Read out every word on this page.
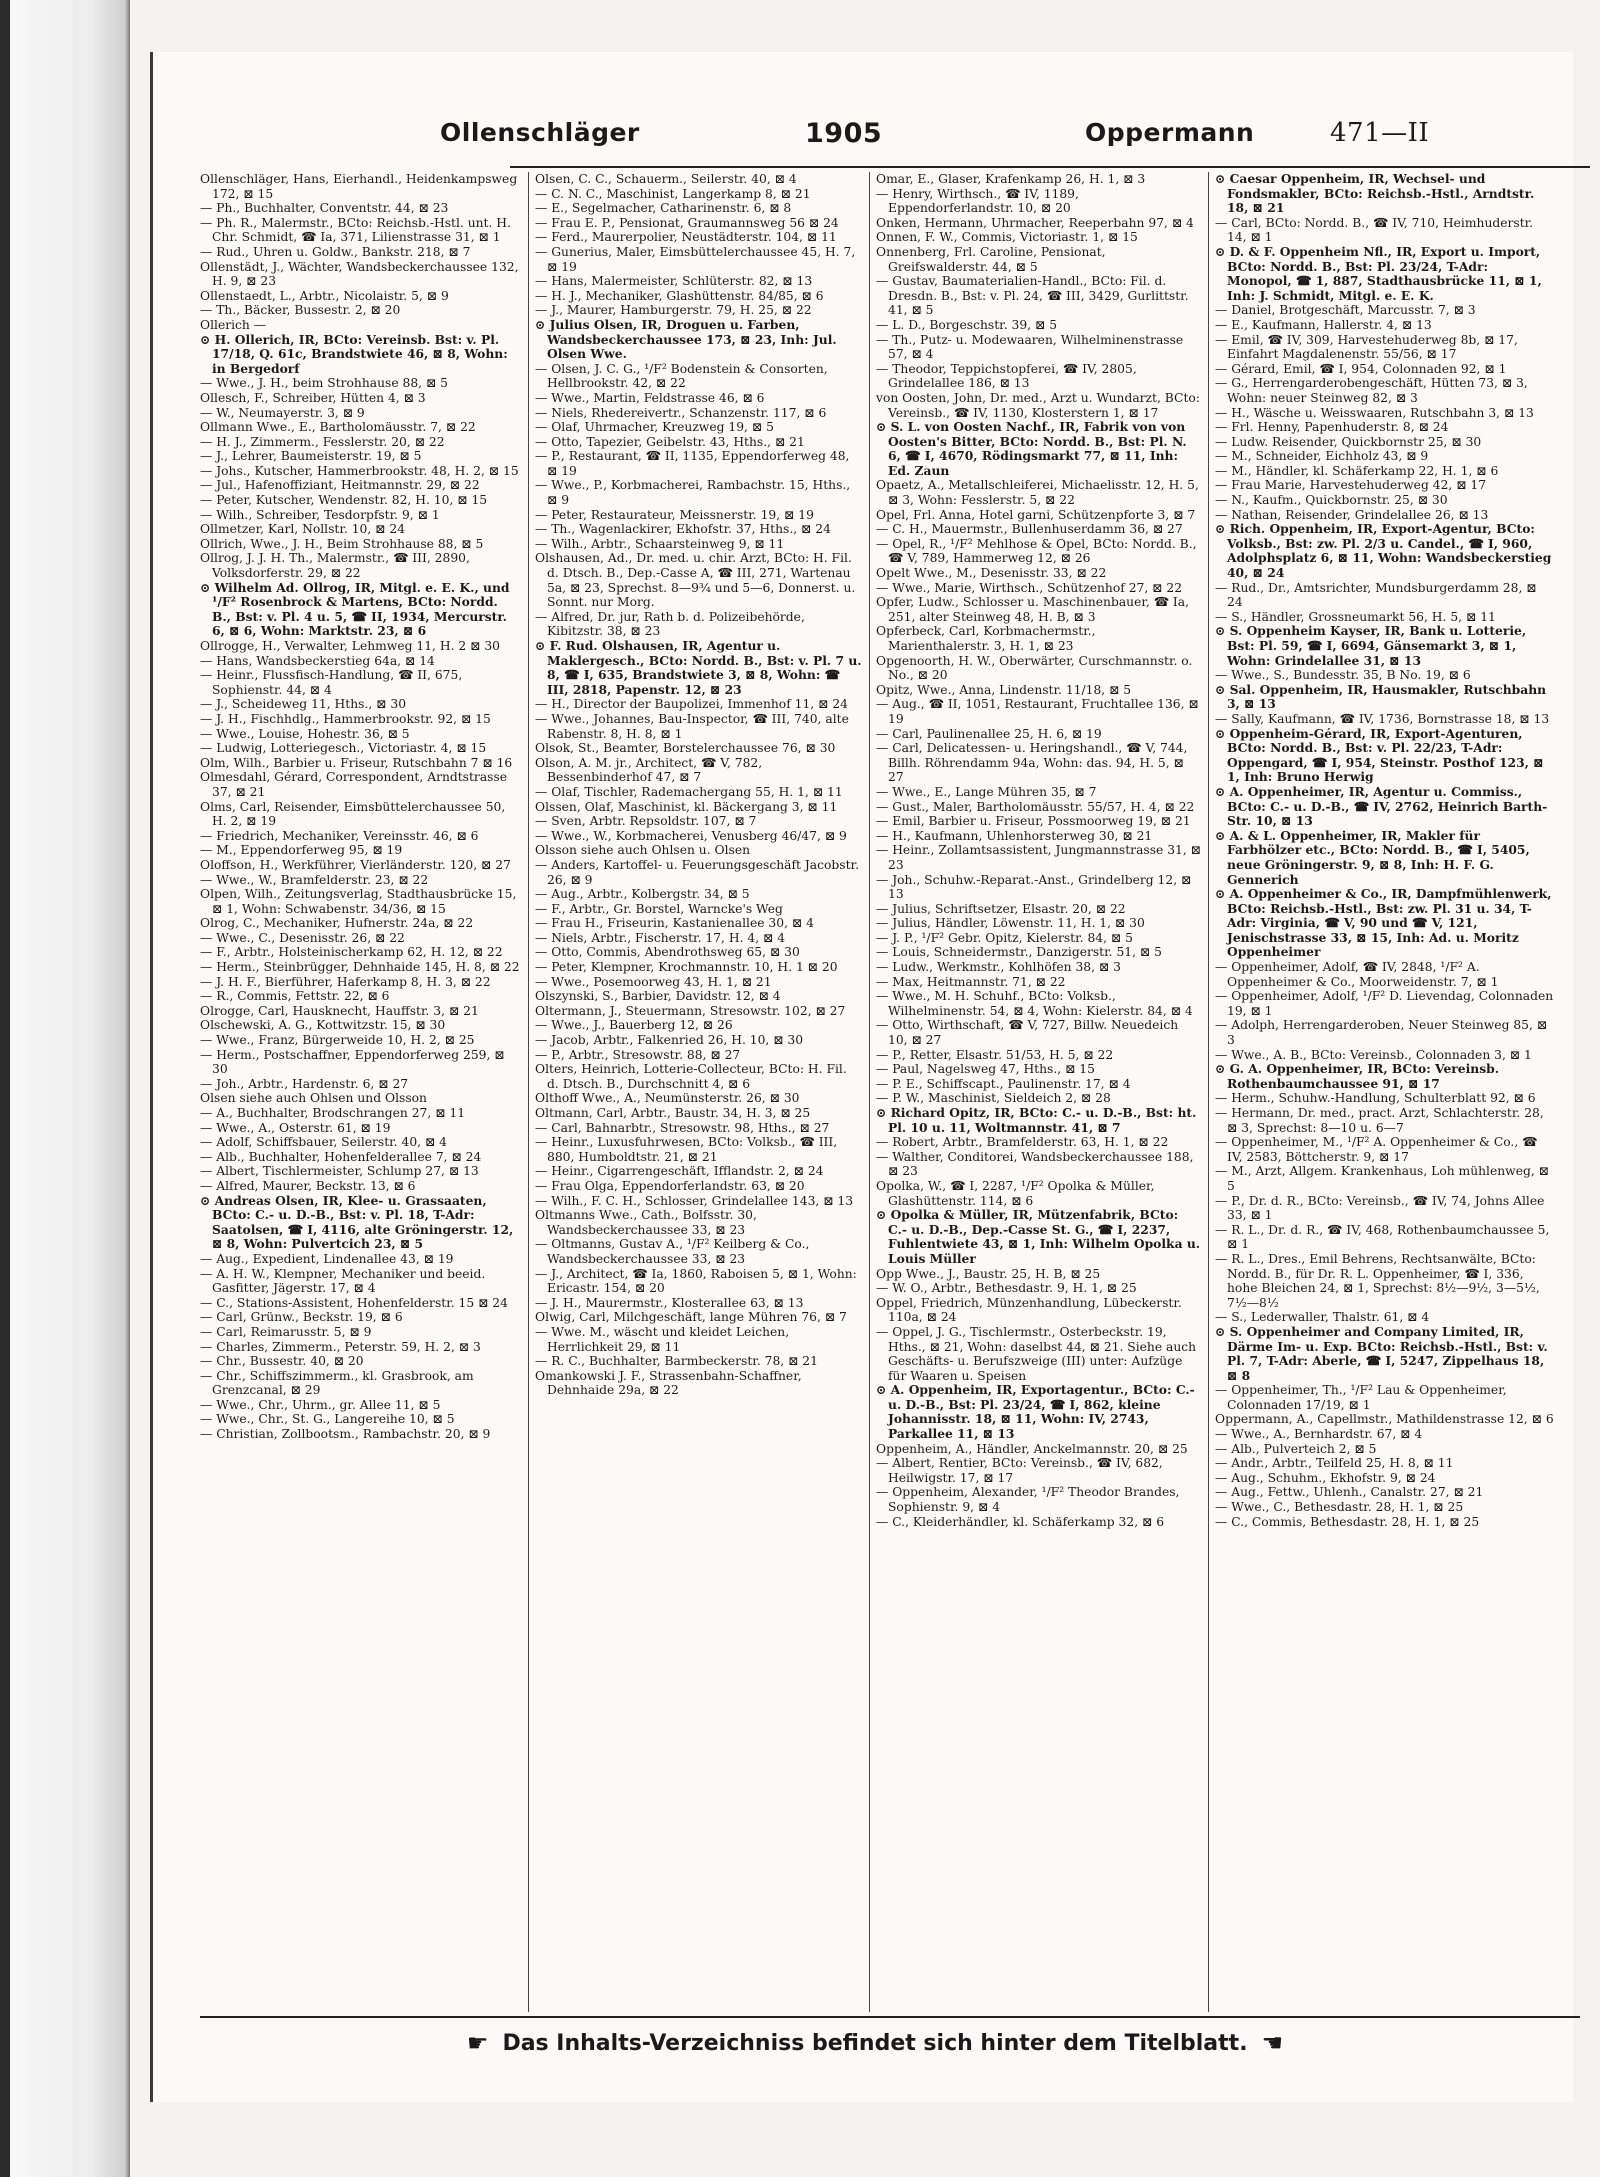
Ollenschläger	1905	Oppermann	471—II

Ollenschläger, Hans, Eierhandl., Heidenkampsweg 172, ⊠ 15

— Ph., Buchhalter, Conventstr. 44, ⊠ 23

— Ph. R., Malermstr., BCto: Reichsb.-Hstl. unt. H. Chr. Schmidt, ☎ Ia, 371, Lilienstrasse 31, ⊠ 1

— Rud., Uhren u. Goldw., Bankstr. 218, ⊠ 7

Ollenstädt, J., Wächter, Wandsbeckerchaussee 132, H. 9, ⊠ 23

Ollenstaedt, L., Arbtr., Nicolaistr. 5, ⊠ 9

— Th., Bäcker, Bussestr. 2, ⊠ 20

Ollerich —

⊙ H. Ollerich, IR, BCto: Vereinsb. Bst: v. Pl. 17/18, Q. 61c, Brandstwiete 46, ⊠ 8, Wohn: in Bergedorf

— Wwe., J. H., beim Strohhause 88, ⊠ 5

Ollesch, F., Schreiber, Hütten 4, ⊠ 3

— W., Neumayerstr. 3, ⊠ 9

Ollmann Wwe., E., Bartholomäusstr. 7, ⊠ 22

— H. J., Zimmerm., Fesslerstr. 20, ⊠ 22

— J., Lehrer, Baumeisterstr. 19, ⊠ 5

— Johs., Kutscher, Hammerbrookstr. 48, H. 2, ⊠ 15

— Jul., Hafenoffiziant, Heitmannstr. 29, ⊠ 22

— Peter, Kutscher, Wendenstr. 82, H. 10, ⊠ 15

— Wilh., Schreiber, Tesdorpfstr. 9, ⊠ 1

Ollmetzer, Karl, Nollstr. 10, ⊠ 24

Ollrich, Wwe., J. H., Beim Strohhause 88, ⊠ 5

Ollrog, J. J. H. Th., Malermstr., ☎ III, 2890, Volksdorferstr. 29, ⊠ 22

⊙ Wilhelm Ad. Ollrog, IR, Mitgl. e. E. K., und ¹/F² Rosenbrock & Martens, BCto: Nordd. B., Bst: v. Pl. 4 u. 5, ☎ II, 1934, Mercurstr. 6, ⊠ 6, Wohn: Marktstr. 23, ⊠ 6

Ollrogge, H., Verwalter, Lehmweg 11, H. 2 ⊠ 30

— Hans, Wandsbeckerstieg 64a, ⊠ 14

— Heinr., Flussfisch-Handlung, ☎ II, 675, Sophienstr. 44, ⊠ 4

— J., Scheideweg 11, Hths., ⊠ 30

— J. H., Fischhdlg., Hammerbrookstr. 92, ⊠ 15

— Wwe., Louise, Hohestr. 36, ⊠ 5

— Ludwig, Lotteriegesch., Victoriastr. 4, ⊠ 15

Olm, Wilh., Barbier u. Friseur, Rutschbahn 7 ⊠ 16

Olmesdahl, Gérard, Correspondent, Arndtstrasse 37, ⊠ 21

Olms, Carl, Reisender, Eimsbüttelerchaussee 50, H. 2, ⊠ 19

— Friedrich, Mechaniker, Vereinsstr. 46, ⊠ 6

— M., Eppendorferweg 95, ⊠ 19

Oloffson, H., Werkführer, Vierländerstr. 120, ⊠ 27

— Wwe., W., Bramfelderstr. 23, ⊠ 22

Olpen, Wilh., Zeitungsverlag, Stadthausbrücke 15, ⊠ 1, Wohn: Schwabenstr. 34/36, ⊠ 15

Olrog, C., Mechaniker, Hufnerstr. 24a, ⊠ 22

— Wwe., C., Desenisstr. 26, ⊠ 22

— F., Arbtr., Holsteinischerkamp 62, H. 12, ⊠ 22

— Herm., Steinbrügger, Dehnhaide 145, H. 8, ⊠ 22

— J. H. F., Bierführer, Haferkamp 8, H. 3, ⊠ 22

— R., Commis, Fettstr. 22, ⊠ 6

Olrogge, Carl, Hausknecht, Hauffstr. 3, ⊠ 21

Olschewski, A. G., Kottwitzstr. 15, ⊠ 30

— Wwe., Franz, Bürgerweide 10, H. 2, ⊠ 25

— Herm., Postschaffner, Eppendorferweg 259, ⊠ 30

— Joh., Arbtr., Hardenstr. 6, ⊠ 27

Olsen siehe auch Ohlsen und Olsson

— A., Buchhalter, Brodschrangen 27, ⊠ 11

— Wwe., A., Osterstr. 61, ⊠ 19

— Adolf, Schiffsbauer, Seilerstr. 40, ⊠ 4

— Alb., Buchhalter, Hohenfelderallee 7, ⊠ 24

— Albert, Tischlermeister, Schlump 27, ⊠ 13

— Alfred, Maurer, Beckstr. 13, ⊠ 6

⊙ Andreas Olsen, IR, Klee- u. Grassaaten, BCto: C.- u. D.-B., Bst: v. Pl. 18, T-Adr: Saatolsen, ☎ I, 4116, alte Gröningerstr. 12, ⊠ 8, Wohn: Pulvertcich 23, ⊠ 5

— Aug., Expedient, Lindenallee 43, ⊠ 19

— A. H. W., Klempner, Mechaniker und beeid. Gasfitter, Jägerstr. 17, ⊠ 4

— C., Stations-Assistent, Hohenfelderstr. 15 ⊠ 24

— Carl, Grünw., Beckstr. 19, ⊠ 6

— Carl, Reimarusstr. 5, ⊠ 9

— Charles, Zimmerm., Peterstr. 59, H. 2, ⊠ 3

— Chr., Bussestr. 40, ⊠ 20

— Chr., Schiffszimmerm., kl. Grasbrook, am Grenzcanal, ⊠ 29

— Wwe., Chr., Uhrm., gr. Allee 11, ⊠ 5

— Wwe., Chr., St. G., Langereihe 10, ⊠ 5

— Christian, Zollbootsm., Rambachstr. 20, ⊠ 9

Olsen, C. C., Schauerm., Seilerstr. 40, ⊠ 4

— C. N. C., Maschinist, Langerkamp 8, ⊠ 21

— E., Segelmacher, Catharinenstr. 6, ⊠ 8

— Frau E. P., Pensionat, Graumannsweg 56 ⊠ 24

— Ferd., Maurerpolier, Neustädterstr. 104, ⊠ 11

— Gunerius, Maler, Eimsbüttelerchaussee 45, H. 7, ⊠ 19

— Hans, Malermeister, Schlüterstr. 82, ⊠ 13

— H. J., Mechaniker, Glashüttenstr. 84/85, ⊠ 6

— J., Maurer, Hamburgerstr. 79, H. 25, ⊠ 22

⊙ Julius Olsen, IR, Droguen u. Farben, Wandsbeckerchaussee 173, ⊠ 23, Inh: Jul. Olsen Wwe.

— Olsen, J. C. G., ¹/F² Bodenstein & Consorten, Hellbrookstr. 42, ⊠ 22

— Wwe., Martin, Feldstrasse 46, ⊠ 6

— Niels, Rhedereivertr., Schanzenstr. 117, ⊠ 6

— Olaf, Uhrmacher, Kreuzweg 19, ⊠ 5

— Otto, Tapezier, Geibelstr. 43, Hths., ⊠ 21

— P., Restaurant, ☎ II, 1135, Eppendorferweg 48, ⊠ 19

— Wwe., P., Korbmacherei, Rambachstr. 15, Hths., ⊠ 9

— Peter, Restaurateur, Meissnerstr. 19, ⊠ 19

— Th., Wagenlackirer, Ekhofstr. 37, Hths., ⊠ 24

— Wilh., Arbtr., Schaarsteinweg 9, ⊠ 11

Olshausen, Ad., Dr. med. u. chir. Arzt, BCto: H. Fil. d. Dtsch. B., Dep.-Casse A, ☎ III, 271, Wartenau 5a, ⊠ 23, Sprechst. 8—9¾ und 5—6, Donnerst. u. Sonnt. nur Morg.

— Alfred, Dr. jur, Rath b. d. Polizeibehörde, Kibitzstr. 38, ⊠ 23

⊙ F. Rud. Olshausen, IR, Agentur u. Maklergesch., BCto: Nordd. B., Bst: v. Pl. 7 u. 8, ☎ I, 635, Brandstwiete 3, ⊠ 8, Wohn: ☎ III, 2818, Papenstr. 12, ⊠ 23

— H., Director der Baupolizei, Immenhof 11, ⊠ 24

— Wwe., Johannes, Bau-Inspector, ☎ III, 740, alte Rabenstr. 8, H. 8, ⊠ 1

Olsok, St., Beamter, Borstelerchaussee 76, ⊠ 30

Olson, A. M. jr., Architect, ☎ V, 782, Bessenbinderhof 47, ⊠ 7

— Olaf, Tischler, Rademachergang 55, H. 1, ⊠ 11

Olssen, Olaf, Maschinist, kl. Bäckergang 3, ⊠ 11

— Sven, Arbtr. Repsoldstr. 107, ⊠ 7

— Wwe., W., Korbmacherei, Venusberg 46/47, ⊠ 9

Olsson siehe auch Ohlsen u. Olsen

— Anders, Kartoffel- u. Feuerungsgeschäft Jacobstr. 26, ⊠ 9

— Aug., Arbtr., Kolbergstr. 34, ⊠ 5

— F., Arbtr., Gr. Borstel, Warncke's Weg

— Frau H., Friseurin, Kastanienallee 30, ⊠ 4

— Niels, Arbtr., Fischerstr. 17, H. 4, ⊠ 4

— Otto, Commis, Abendrothsweg 65, ⊠ 30

— Peter, Klempner, Krochmannstr. 10, H. 1 ⊠ 20

— Wwe., Posemoorweg 43, H. 1, ⊠ 21

Olszynski, S., Barbier, Davidstr. 12, ⊠ 4

Oltermann, J., Steuermann, Stresowstr. 102, ⊠ 27

— Wwe., J., Bauerberg 12, ⊠ 26

— Jacob, Arbtr., Falkenried 26, H. 10, ⊠ 30

— P., Arbtr., Stresowstr. 88, ⊠ 27

Olters, Heinrich, Lotterie-Collecteur, BCto: H. Fil. d. Dtsch. B., Durchschnitt 4, ⊠ 6

Olthoff Wwe., A., Neumünsterstr. 26, ⊠ 30

Oltmann, Carl, Arbtr., Baustr. 34, H. 3, ⊠ 25

— Carl, Bahnarbtr., Stresowstr. 98, Hths., ⊠ 27

— Heinr., Luxusfuhrwesen, BCto: Volksb., ☎ III, 880, Humboldtstr. 21, ⊠ 21

— Heinr., Cigarrengeschäft, Ifflandstr. 2, ⊠ 24

— Frau Olga, Eppendorferlandstr. 63, ⊠ 20

— Wilh., F. C. H., Schlosser, Grindelallee 143, ⊠ 13

Oltmanns Wwe., Cath., Bolfsstr. 30, Wandsbeckerchaussee 33, ⊠ 23

— Oltmanns, Gustav A., ¹/F² Keilberg & Co., Wandsbeckerchaussee 33, ⊠ 23

— J., Architect, ☎ Ia, 1860, Raboisen 5, ⊠ 1, Wohn: Ericastr. 154, ⊠ 20

— J. H., Maurermstr., Klosterallee 63, ⊠ 13

Olwig, Carl, Milchgeschäft, lange Mühren 76, ⊠ 7

— Wwe. M., wäscht und kleidet Leichen, Herrlichkeit 29, ⊠ 11

— R. C., Buchhalter, Barmbeckerstr. 78, ⊠ 21

Omankowski J. F., Strassenbahn-Schaffner, Dehnhaide 29a, ⊠ 22

Omar, E., Glaser, Krafenkamp 26, H. 1, ⊠ 3

— Henry, Wirthsch., ☎ IV, 1189, Eppendorferlandstr. 10, ⊠ 20

Onken, Hermann, Uhrmacher, Reeperbahn 97, ⊠ 4

Onnen, F. W., Commis, Victoriastr. 1, ⊠ 15

Onnenberg, Frl. Caroline, Pensionat, Greifswalderstr. 44, ⊠ 5

— Gustav, Baumaterialien-Handl., BCto: Fil. d. Dresdn. B., Bst: v. Pl. 24, ☎ III, 3429, Gurlittstr. 41, ⊠ 5

— L. D., Borgeschstr. 39, ⊠ 5

— Th., Putz- u. Modewaaren, Wilhelminenstrasse 57, ⊠ 4

— Theodor, Teppichstopferei, ☎ IV, 2805, Grindelallee 186, ⊠ 13

von Oosten, John, Dr. med., Arzt u. Wundarzt, BCto: Vereinsb., ☎ IV, 1130, Klosterstern 1, ⊠ 17

⊙ S. L. von Oosten Nachf., IR, Fabrik von von Oosten's Bitter, BCto: Nordd. B., Bst: Pl. N. 6, ☎ I, 4670, Rödingsmarkt 77, ⊠ 11, Inh: Ed. Zaun

Opaetz, A., Metallschleiferei, Michaelisstr. 12, H. 5, ⊠ 3, Wohn: Fesslerstr. 5, ⊠ 22

Opel, Frl. Anna, Hotel garni, Schützenpforte 3, ⊠ 7

— C. H., Mauermstr., Bullenhuserdamm 36, ⊠ 27

— Opel, R., ¹/F² Mehlhose & Opel, BCto: Nordd. B., ☎ V, 789, Hammerweg 12, ⊠ 26

Opelt Wwe., M., Desenisstr. 33, ⊠ 22

— Wwe., Marie, Wirthsch., Schützenhof 27, ⊠ 22

Opfer, Ludw., Schlosser u. Maschinenbauer, ☎ Ia, 251, alter Steinweg 48, H. B, ⊠ 3

Opferbeck, Carl, Korbmachermstr., Marienthalerstr. 3, H. 1, ⊠ 23

Opgenoorth, H. W., Oberwärter, Curschmannstr. o. No., ⊠ 20

Opitz, Wwe., Anna, Lindenstr. 11/18, ⊠ 5

— Aug., ☎ II, 1051, Restaurant, Fruchtallee 136, ⊠ 19

— Carl, Paulinenallee 25, H. 6, ⊠ 19

— Carl, Delicatessen- u. Heringshandl., ☎ V, 744, Billh. Röhrendamm 94a, Wohn: das. 94, H. 5, ⊠ 27

— Wwe., E., Lange Mühren 35, ⊠ 7

— Gust., Maler, Bartholomäusstr. 55/57, H. 4, ⊠ 22

— Emil, Barbier u. Friseur, Possmoorweg 19, ⊠ 21

— H., Kaufmann, Uhlenhorsterweg 30, ⊠ 21

— Heinr., Zollamtsassistent, Jungmannstrasse 31, ⊠ 23

— Joh., Schuhw.-Reparat.-Anst., Grindelberg 12, ⊠ 13

— Julius, Schriftsetzer, Elsastr. 20, ⊠ 22

— Julius, Händler, Löwenstr. 11, H. 1, ⊠ 30

— J. P., ¹/F² Gebr. Opitz, Kielerstr. 84, ⊠ 5

— Louis, Schneidermstr., Danzigerstr. 51, ⊠ 5

— Ludw., Werkmstr., Kohlhöfen 38, ⊠ 3

— Max, Heitmannstr. 71, ⊠ 22

— Wwe., M. H. Schuhf., BCto: Volksb., Wilhelminenstr. 54, ⊠ 4, Wohn: Kielerstr. 84, ⊠ 4

— Otto, Wirthschaft, ☎ V, 727, Billw. Neuedeich 10, ⊠ 27

— P., Retter, Elsastr. 51/53, H. 5, ⊠ 22

— Paul, Nagelsweg 47, Hths., ⊠ 15

— P. E., Schiffscapt., Paulinenstr. 17, ⊠ 4

— P. W., Maschinist, Sieldeich 2, ⊠ 28

⊙ Richard Opitz, IR, BCto: C.- u. D.-B., Bst: ht. Pl. 10 u. 11, Woltmannstr. 41, ⊠ 7

— Robert, Arbtr., Bramfelderstr. 63, H. 1, ⊠ 22

— Walther, Conditorei, Wandsbeckerchaussee 188, ⊠ 23

Opolka, W., ☎ I, 2287, ¹/F² Opolka & Müller, Glashüttenstr. 114, ⊠ 6

⊙ Opolka & Müller, IR, Mützenfabrik, BCto: C.- u. D.-B., Dep.-Casse St. G., ☎ I, 2237, Fuhlentwiete 43, ⊠ 1, Inh: Wilhelm Opolka u. Louis Müller

Opp Wwe., J., Baustr. 25, H. B, ⊠ 25

— W. O., Arbtr., Bethesdastr. 9, H. 1, ⊠ 25

Oppel, Friedrich, Münzenhandlung, Lübeckerstr. 110a, ⊠ 24

— Oppel, J. G., Tischlermstr., Osterbeckstr. 19, Hths., ⊠ 21, Wohn: daselbst 44, ⊠ 21. Siehe auch Geschäfts- u. Berufszweige (III) unter: Aufzüge für Waaren u. Speisen

⊙ A. Oppenheim, IR, Exportagentur., BCto: C.- u. D.-B., Bst: Pl. 23/24, ☎ I, 862, kleine Johannisstr. 18, ⊠ 11, Wohn: IV, 2743, Parkallee 11, ⊠ 13

Oppenheim, A., Händler, Anckelmannstr. 20, ⊠ 25

— Albert, Rentier, BCto: Vereinsb., ☎ IV, 682, Heilwigstr. 17, ⊠ 17

— Oppenheim, Alexander, ¹/F² Theodor Brandes, Sophienstr. 9, ⊠ 4

— C., Kleiderhändler, kl. Schäferkamp 32, ⊠ 6

⊙ Caesar Oppenheim, IR, Wechsel- und Fondsmakler, BCto: Reichsb.-Hstl., Arndtstr. 18, ⊠ 21

— Carl, BCto: Nordd. B., ☎ IV, 710, Heimhuderstr. 14, ⊠ 1

⊙ D. & F. Oppenheim Nfl., IR, Export u. Import, BCto: Nordd. B., Bst: Pl. 23/24, T-Adr: Monopol, ☎ 1, 887, Stadthausbrücke 11, ⊠ 1, Inh: J. Schmidt, Mitgl. e. E. K.

— Daniel, Brotgeschäft, Marcusstr. 7, ⊠ 3

— E., Kaufmann, Hallerstr. 4, ⊠ 13

— Emil, ☎ IV, 309, Harvestehuderweg 8b, ⊠ 17, Einfahrt Magdalenenstr. 55/56, ⊠ 17

— Gérard, Emil, ☎ I, 954, Colonnaden 92, ⊠ 1

— G., Herrengarderobengeschäft, Hütten 73, ⊠ 3, Wohn: neuer Steinweg 82, ⊠ 3

— H., Wäsche u. Weisswaaren, Rutschbahn 3, ⊠ 13

— Frl. Henny, Papenhuderstr. 8, ⊠ 24

— Ludw. Reisender, Quickbornstr 25, ⊠ 30

— M., Schneider, Eichholz 43, ⊠ 9

— M., Händler, kl. Schäferkamp 22, H. 1, ⊠ 6

— Frau Marie, Harvestehuderweg 42, ⊠ 17

— N., Kaufm., Quickbornstr. 25, ⊠ 30

— Nathan, Reisender, Grindelallee 26, ⊠ 13

⊙ Rich. Oppenheim, IR, Export-Agentur, BCto: Volksb., Bst: zw. Pl. 2/3 u. Candel., ☎ I, 960, Adolphsplatz 6, ⊠ 11, Wohn: Wandsbeckerstieg 40, ⊠ 24

— Rud., Dr., Amtsrichter, Mundsburgerdamm 28, ⊠ 24

— S., Händler, Grossneumarkt 56, H. 5, ⊠ 11

⊙ S. Oppenheim Kayser, IR, Bank u. Lotterie, Bst: Pl. 59, ☎ I, 6694, Gänsemarkt 3, ⊠ 1, Wohn: Grindelallee 31, ⊠ 13

— Wwe., S., Bundesstr. 35, B No. 19, ⊠ 6

⊙ Sal. Oppenheim, IR, Hausmakler, Rutschbahn 3, ⊠ 13

— Sally, Kaufmann, ☎ IV, 1736, Bornstrasse 18, ⊠ 13

⊙ Oppenheim-Gérard, IR, Export-Agenturen, BCto: Nordd. B., Bst: v. Pl. 22/23, T-Adr: Oppengard, ☎ I, 954, Steinstr. Posthof 123, ⊠ 1, Inh: Bruno Herwig

⊙ A. Oppenheimer, IR, Agentur u. Commiss., BCto: C.- u. D.-B., ☎ IV, 2762, Heinrich Barth-Str. 10, ⊠ 13

⊙ A. & L. Oppenheimer, IR, Makler für Farbhölzer etc., BCto: Nordd. B., ☎ I, 5405, neue Gröningerstr. 9, ⊠ 8, Inh: H. F. G. Gennerich

⊙ A. Oppenheimer & Co., IR, Dampfmühlenwerk, BCto: Reichsb.-Hstl., Bst: zw. Pl. 31 u. 34, T-Adr: Virginia, ☎ V, 90 und ☎ V, 121, Jenischstrasse 33, ⊠ 15, Inh: Ad. u. Moritz Oppenheimer

— Oppenheimer, Adolf, ☎ IV, 2848, ¹/F² A. Oppenheimer & Co., Moorweidenstr. 7, ⊠ 1

— Oppenheimer, Adolf, ¹/F² D. Lievendag, Colonnaden 19, ⊠ 1

— Adolph, Herrengarderoben, Neuer Steinweg 85, ⊠ 3

— Wwe., A. B., BCto: Vereinsb., Colonnaden 3, ⊠ 1

⊙ G. A. Oppenheimer, IR, BCto: Vereinsb. Rothenbaumchaussee 91, ⊠ 17

— Herm., Schuhw.-Handlung, Schulterblatt 92, ⊠ 6

— Hermann, Dr. med., pract. Arzt, Schlachterstr. 28, ⊠ 3, Sprechst: 8—10 u. 6—7

— Oppenheimer, M., ¹/F² A. Oppenheimer & Co., ☎ IV, 2583, Böttcherstr. 9, ⊠ 17

— M., Arzt, Allgem. Krankenhaus, Loh mühlenweg, ⊠ 5

— P., Dr. d. R., BCto: Vereinsb., ☎ IV, 74, Johns Allee 33, ⊠ 1

— R. L., Dr. d. R., ☎ IV, 468, Rothenbaumchaussee 5, ⊠ 1

— R. L., Dres., Emil Behrens, Rechtsanwälte, BCto: Nordd. B., für Dr. R. L. Oppenheimer, ☎ I, 336, hohe Bleichen 24, ⊠ 1, Sprechst: 8½—9½, 3—5½, 7½—8½

— S., Lederwaller, Thalstr. 61, ⊠ 4

⊙ S. Oppenheimer and Company Limited, IR, Därme Im- u. Exp. BCto: Reichsb.-Hstl., Bst: v. Pl. 7, T-Adr: Aberle, ☎ I, 5247, Zippelhaus 18, ⊠ 8

— Oppenheimer, Th., ¹/F² Lau & Oppenheimer, Colonnaden 17/19, ⊠ 1

Oppermann, A., Capellmstr., Mathildenstrasse 12, ⊠ 6

— Wwe., A., Bernhardstr. 67, ⊠ 4

— Alb., Pulverteich 2, ⊠ 5

— Andr., Arbtr., Teilfeld 25, H. 8, ⊠ 11

— Aug., Schuhm., Ekhofstr. 9, ⊠ 24

— Aug., Fettw., Uhlenh., Canalstr. 27, ⊠ 21

— Wwe., C., Bethesdastr. 28, H. 1, ⊠ 25

— C., Commis, Bethesdastr. 28, H. 1, ⊠ 25

☛ Das Inhalts-Verzeichniss befindet sich hinter dem Titelblatt. ☚
